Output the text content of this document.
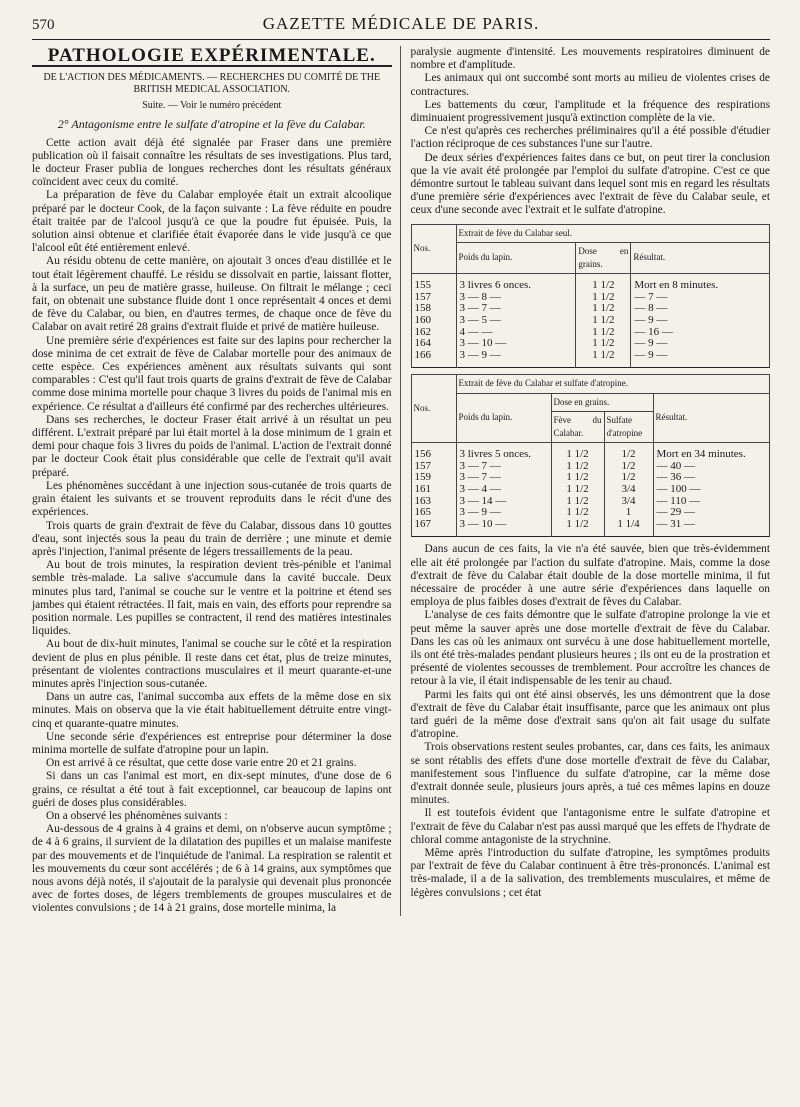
570	GAZETTE MÉDICALE DE PARIS.
PATHOLOGIE EXPÉRIMENTALE.
DE L'ACTION DES MÉDICAMENTS. — RECHERCHES DU COMITÉ DE THE BRITISH MEDICAL ASSOCIATION.
Suite. — Voir le numéro précédent
2° Antagonisme entre le sulfate d'atropine et la fève du Calabar.

Cette action avait déjà été signalée par Fraser dans une première publication où il faisait connaître les résultats de ses investigations. Plus tard, le docteur Fraser publia de longues recherches dont les résultats généraux coïncident avec ceux du comité.

La préparation de fève du Calabar employée était un extrait alcoolique préparé par le docteur Cook, de la façon suivante : La fève réduite en poudre était traitée par de l'alcool jusqu'à ce que la poudre fut épuisée. Puis, la solution ainsi obtenue et clarifiée était évaporée dans le vide jusqu'à ce que l'alcool eût été entièrement enlevé.

Au résidu obtenu de cette manière, on ajoutait 3 onces d'eau distillée et le tout était légèrement chauffé. Le résidu se dissolvait en partie, laissant flotter, à la surface, un peu de matière grasse, huileuse. On filtrait le mélange ; ceci fait, on obtenait une substance fluide dont 1 once représentait 4 onces et demi de fève du Calabar, ou bien, en d'autres termes, de chaque once de fève du Calabar on avait retiré 28 grains d'extrait fluide et privé de matière huileuse.

Une première série d'expériences est faite sur des lapins pour rechercher la dose minima de cet extrait de fève de Calabar mortelle pour des animaux de cette espèce. Ces expériences amènent aux résultats suivants qui sont comparables : C'est qu'il faut trois quarts de grains d'extrait de fève de Calabar comme dose minima mortelle pour chaque 3 livres du poids de l'animal mis en expérience. Ce résultat a d'ailleurs été confirmé par des recherches ultérieures.

Dans ses recherches, le docteur Fraser était arrivé à un résultat un peu différent. L'extrait préparé par lui était mortel à la dose minimum de 1 grain et demi pour chaque fois 3 livres du poids de l'animal. L'action de l'extrait donné par le docteur Cook était plus considérable que celle de l'extrait qu'il avait préparé.

Les phénomènes succédant à une injection sous-cutanée de trois quarts de grain étaient les suivants et se trouvent reproduits dans le récit d'une des expériences.

Trois quarts de grain d'extrait de fève du Calabar, dissous dans 10 gouttes d'eau, sont injectés sous la peau du train de derrière ; une minute et demie après l'injection, l'animal présente de légers tressaillements de la peau.

Au bout de trois minutes, la respiration devient très-pénible et l'animal semble très-malade. La salive s'accumule dans la cavité buccale. Deux minutes plus tard, l'animal se couche sur le ventre et la poitrine et étend ses jambes qui étaient rétractées. Il fait, mais en vain, des efforts pour reprendre sa position normale. Les pupilles se contractent, il rend des matières intestinales liquides.

Au bout de dix-huit minutes, l'animal se couche sur le côté et la respiration devient de plus en plus pénible. Il reste dans cet état, plus de treize minutes, présentant de violentes contractions musculaires et il meurt quarante-et-une minutes après l'injection sous-cutanée.

Dans un autre cas, l'animal succomba aux effets de la même dose en six minutes. Mais on observa que la vie était habituellement détruite entre vingt-cinq et quarante-quatre minutes.

Une seconde série d'expériences est entreprise pour déterminer la dose minima mortelle de sulfate d'atropine pour un lapin.

On est arrivé à ce résultat, que cette dose varie entre 20 et 21 grains.

Si dans un cas l'animal est mort, en dix-sept minutes, d'une dose de 6 grains, ce résultat a été tout à fait exceptionnel, car beaucoup de lapins ont guéri de doses plus considérables.

On a observé les phénomènes suivants :

Au-dessous de 4 grains à 4 grains et demi, on n'observe aucun symptôme ; de 4 à 6 grains, il survient de la dilatation des pupilles et un malaise manifeste par des mouvements et de l'inquiétude de l'animal. La respiration se ralentit et les mouvements du cœur sont accélérés ; de 6 à 14 grains, aux symptômes que nous avons déjà notés, il s'ajoutait de la paralysie qui devenait plus prononcée avec de fortes doses, de légers tremblements de groupes musculaires et de violentes convulsions ; de 14 à 21 grains, dose mortelle minima, la

paralysie augmente d'intensité. Les mouvements respiratoires diminuent de nombre et d'amplitude.

Les animaux qui ont succombé sont morts au milieu de violentes crises de contractures.

Les battements du cœur, l'amplitude et la fréquence des respirations diminuaient progressivement jusqu'à extinction complète de la vie.

Ce n'est qu'après ces recherches préliminaires qu'il a été possible d'étudier l'action réciproque de ces substances l'une sur l'autre.

De deux séries d'expériences faites dans ce but, on peut tirer la conclusion que la vie avait été prolongée par l'emploi du sulfate d'atropine. C'est ce que démontre surtout le tableau suivant dans lequel sont mis en regard les résultats d'une première série d'expériences avec l'extrait de fève du Calabar seule, et ceux d'une seconde avec l'extrait et le sulfate d'atropine.

Nos.	Extrait de fève du Calabar seul.		
	Poids du lapin.	Dose en grains.	Résultat.
155	3 livres 6 onces.	1 1/2	Mort en 8 minutes.
157	3 — 8 —	1 1/2	— 7 —
158	3 — 7 —	1 1/2	— 8 —
160	3 — 5 —	1 1/2	— 9 —
162	4 — —	1 1/2	— 16 —
164	3 — 10 —	1 1/2	— 9 —
166	3 — 9 —	1 1/2	— 9 —
Nos.	Extrait de fève du Calabar et sulfate d'atropine.			
	Poids du lapin.	Dose en grains.		Résultat.
		Fève du Calabar.	Sulfate d'atropine	
156	3 livres 5 onces.	1 1/2	1/2	Mort en 34 minutes.
157	3 — 7 —	1 1/2	1/2	— 40 —
159	3 — 7 —	1 1/2	1/2	— 36 —
161	3 — 4 —	1 1/2	3/4	— 100 —
163	3 — 14 —	1 1/2	3/4	— 110 —
165	3 — 9 —	1 1/2	1	— 29 —
167	3 — 10 —	1 1/2	1 1/4	— 31 —

Dans aucun de ces faits, la vie n'a été sauvée, bien que très-évidemment elle ait été prolongée par l'action du sulfate d'atropine. Mais, comme la dose d'extrait de fève du Calabar était double de la dose mortelle minima, il fut nécessaire de procéder à une autre série d'expériences dans laquelle on employa de plus faibles doses d'extrait de fèves du Calabar.

L'analyse de ces faits démontre que le sulfate d'atropine prolonge la vie et peut même la sauver après une dose mortelle d'extrait de fève du Calabar. Dans les cas où les animaux ont survécu à une dose habituellement mortelle, ils ont été très-malades pendant plusieurs heures ; ils ont eu de la prostration et présenté de violentes secousses de tremblement. Pour accroître les chances de retour à la vie, il était indispensable de les tenir au chaud.

Parmi les faits qui ont été ainsi observés, les uns démontrent que la dose d'extrait de fève du Calabar était insuffisante, parce que les animaux ont plus tard guéri de la même dose d'extrait sans qu'on ait fait usage du sulfate d'atropine.

Trois observations restent seules probantes, car, dans ces faits, les animaux se sont rétablis des effets d'une dose mortelle d'extrait de fève du Calabar, manifestement sous l'influence du sulfate d'atropine, car la même dose d'extrait donnée seule, plusieurs jours après, a tué ces mêmes lapins en douze minutes.

Il est toutefois évident que l'antagonisme entre le sulfate d'atropine et l'extrait de fève du Calabar n'est pas aussi marqué que les effets de l'hydrate de chloral comme antagoniste de la strychnine.

Même après l'introduction du sulfate d'atropine, les symptômes produits par l'extrait de fève du Calabar continuent à être très-prononcés. L'animal est très-malade, il a de la salivation, des tremblements musculaires, et même de légères convulsions ; cet état
